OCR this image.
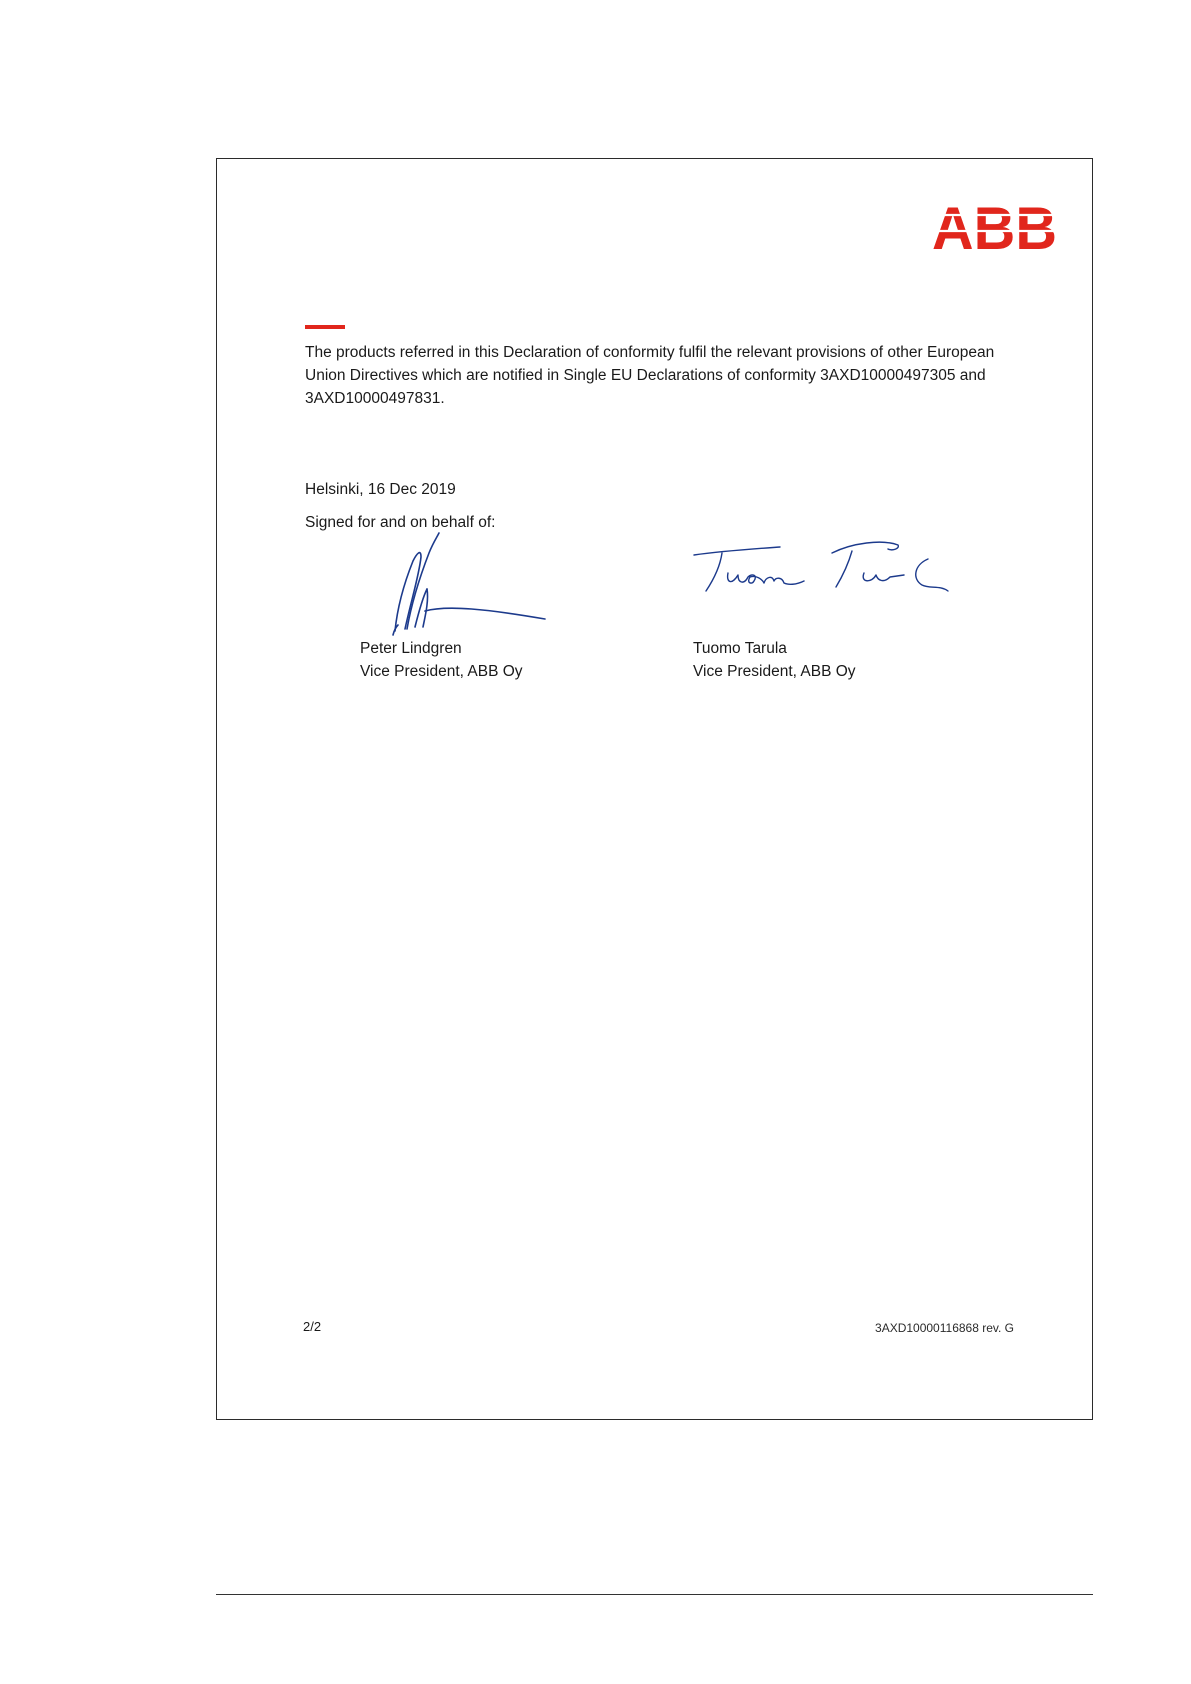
ABB

The products referred in this Declaration of conformity fulfil the relevant provisions of other European Union Directives which are notified in Single EU Declarations of conformity 3AXD10000497305 and 3AXD10000497831.

Helsinki, 16 Dec 2019
Signed for and on behalf of:
Peter Lindgren
Vice President, ABB Oy
Tuomo Tarula
Vice President, ABB Oy
2/2	3AXD10000116868 rev. G
